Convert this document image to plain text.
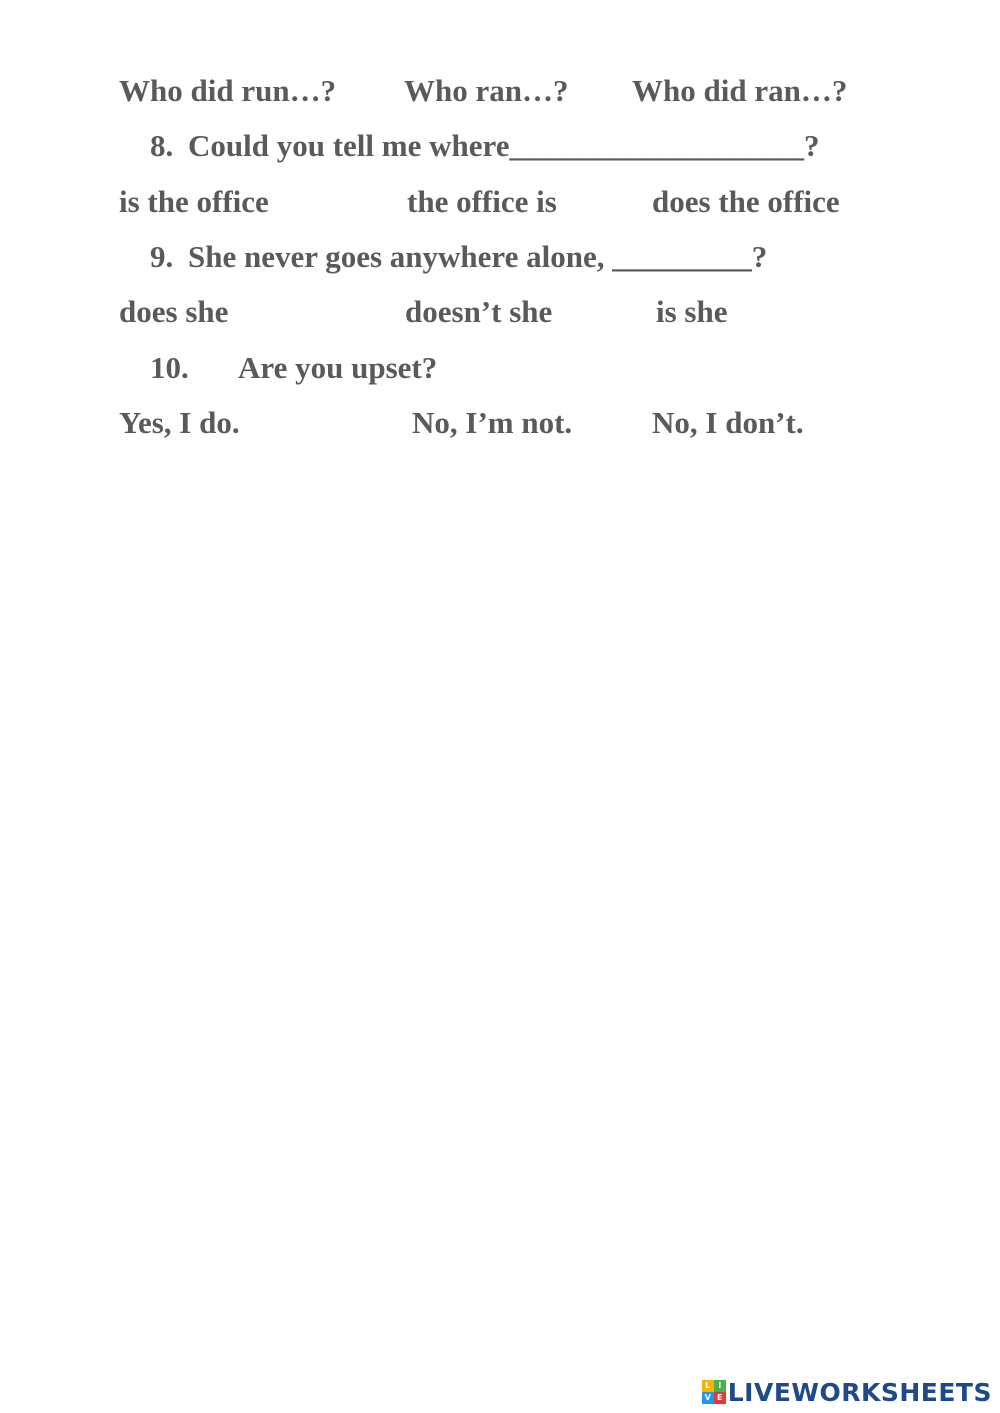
Who did run…? Who ran…? Who did ran…?
8. Could you tell me where___________________?
is the office	the office is	does the office
9. She never goes anywhere alone, _________?
does she	doesn’t she	is she
10. Are you upset?
Yes, I do.	No, I’m not.	No, I don’t.
L I
V E LIVEWORKSHEETS
